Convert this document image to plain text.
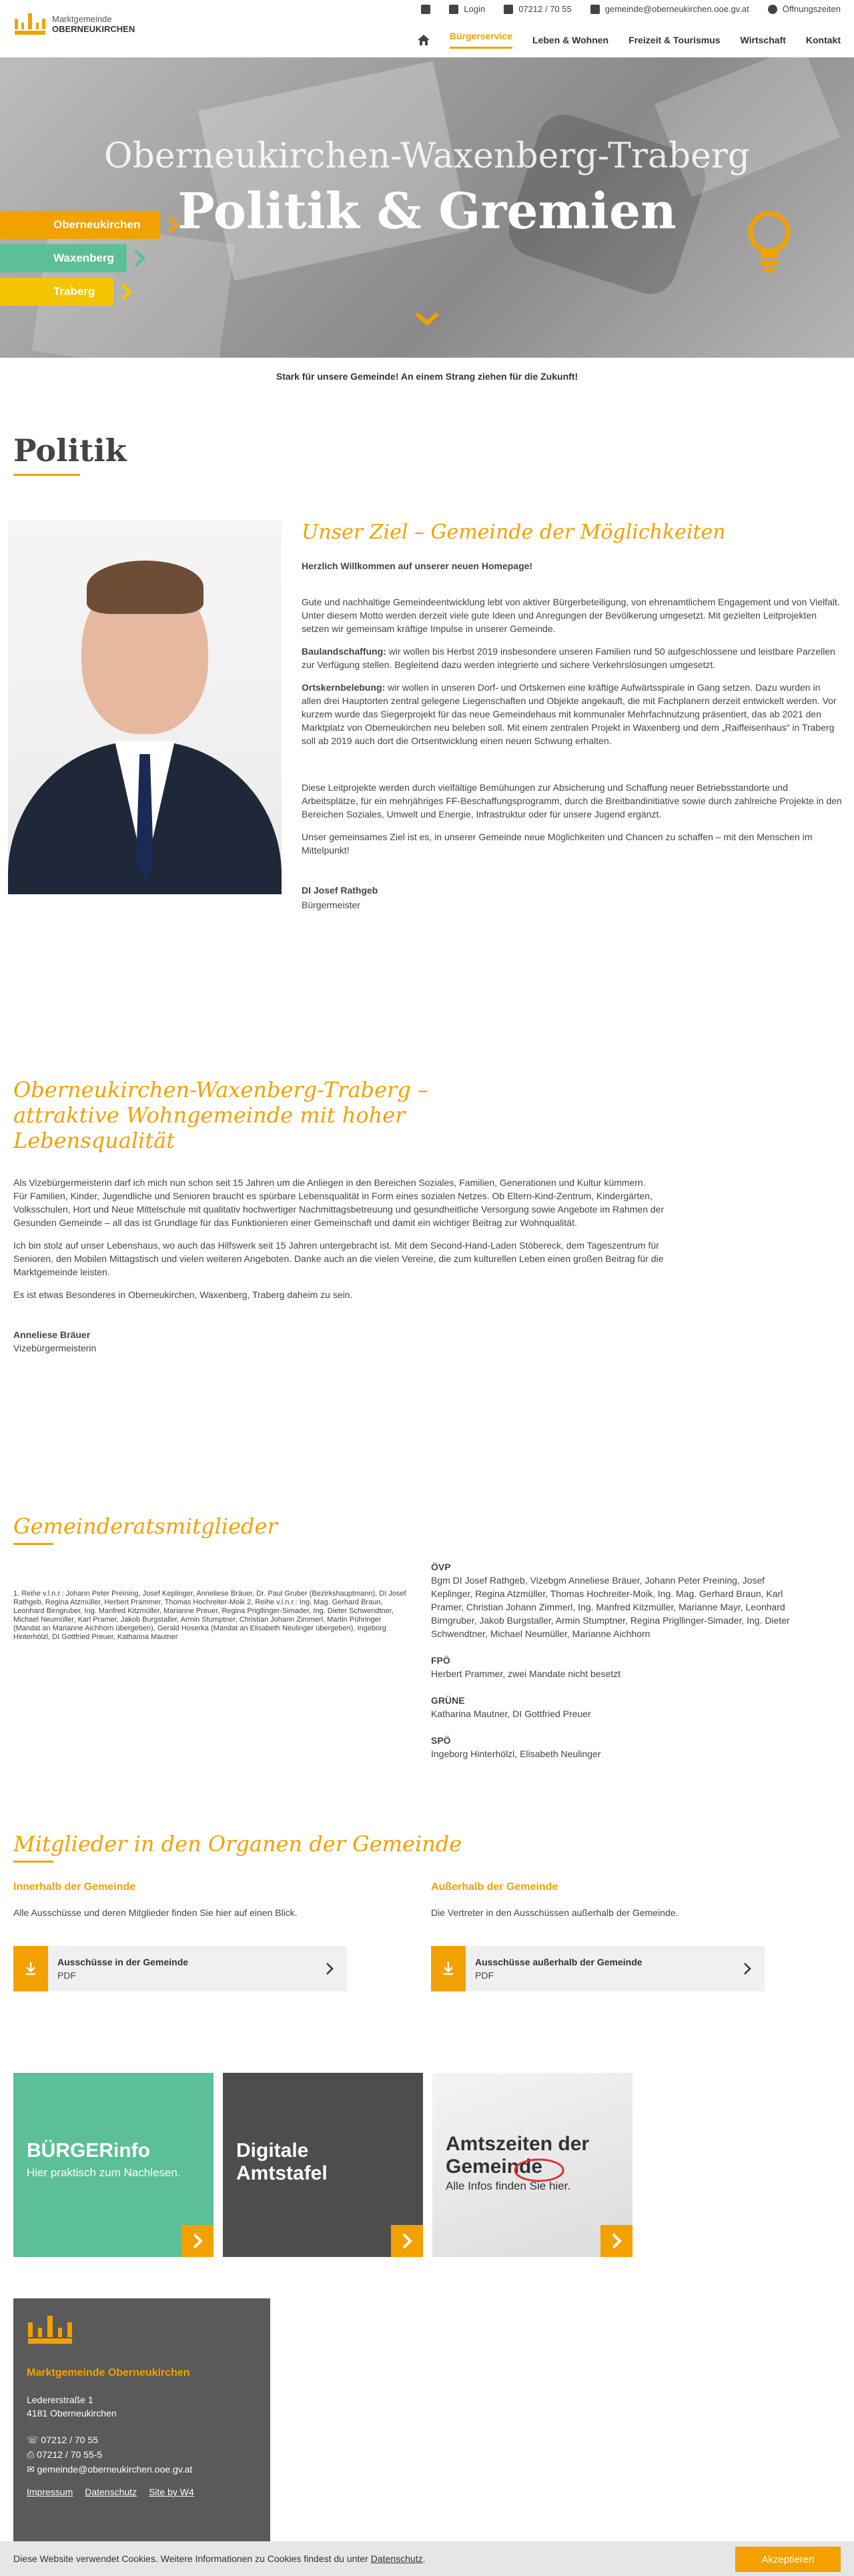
Marktgemeinde
OBERNEUKIRCHEN
Login	07212 / 70 55	gemeinde@oberneukirchen.ooe.gv.at	Öffnungszeiten
Bürgerservice Leben & Wohnen Freizeit & Tourismus Wirtschaft Kontakt
Oberneukirchen-Waxenberg-Traberg
Politik & Gremien
Oberneukirchen
Waxenberg
Traberg
Stark für unsere Gemeinde! An einem Strang ziehen für die Zukunft!
Politik
Unser Ziel – Gemeinde der Möglichkeiten

Herzlich Willkommen auf unserer neuen Homepage!

Gute und nachhaltige Gemeindeentwicklung lebt von aktiver Bürgerbeteiligung, von ehrenamtlichem Engagement und von Vielfalt. Unter diesem Motto werden derzeit viele gute Ideen und Anregungen der Bevölkerung umgesetzt. Mit gezielten Leitprojekten setzen wir gemeinsam kräftige Impulse in unserer Gemeinde.

Baulandschaffung: wir wollen bis Herbst 2019 insbesondere unseren Familien rund 50 aufgeschlossene und leistbare Parzellen zur Verfügung stellen. Begleitend dazu werden integrierte und sichere Verkehrslösungen umgesetzt.

Ortskernbelebung: wir wollen in unseren Dorf- und Ortskernen eine kräftige Aufwärtsspirale in Gang setzen. Dazu wurden in allen drei Hauptorten zentral gelegene Liegenschaften und Objekte angekauft, die mit Fachplanern derzeit entwickelt werden. Vor kurzem wurde das Siegerprojekt für das neue Gemeindehaus mit kommunaler Mehrfachnutzung präsentiert, das ab 2021 den Marktplatz von Oberneukirchen neu beleben soll. Mit einem zentralen Projekt in Waxenberg und dem „Raiffeisenhaus“ in Traberg soll ab 2019 auch dort die Ortsentwicklung einen neuen Schwung erhalten.

Diese Leitprojekte werden durch vielfältige Bemühungen zur Absicherung und Schaffung neuer Betriebsstandorte und Arbeitsplätze, für ein mehrjähriges FF-Beschaffungsprogramm, durch die Breitbandinitiative sowie durch zahlreiche Projekte in den Bereichen Soziales, Umwelt und Energie, Infrastruktur oder für unsere Jugend ergänzt.

Unser gemeinsames Ziel ist es, in unserer Gemeinde neue Möglichkeiten und Chancen zu schaffen – mit den Menschen im Mittelpunkt!

DI Josef Rathgeb

Bürgermeister

Oberneukirchen-Waxenberg-Traberg – attraktive Wohngemeinde mit hoher Lebensqualität

Als Vizebürgermeisterin darf ich mich nun schon seit 15 Jahren um die Anliegen in den Bereichen Soziales, Familien, Generationen und Kultur kümmern.

Für Familien, Kinder, Jugendliche und Senioren braucht es spürbare Lebensqualität in Form eines sozialen Netzes. Ob Eltern-Kind-Zentrum, Kindergärten, Volksschulen, Hort und Neue Mittelschule mit qualitativ hochwertiger Nachmittagsbetreuung und gesundheitliche Versorgung sowie Angebote im Rahmen der Gesunden Gemeinde – all das ist Grundlage für das Funktionieren einer Gemeinschaft und damit ein wichtiger Beitrag zur Wohnqualität.

Ich bin stolz auf unser Lebenshaus, wo auch das Hilfswerk seit 15 Jahren untergebracht ist. Mit dem Second-Hand-Laden Stöbereck, dem Tageszentrum für Senioren, den Mobilen Mittagstisch und vielen weiteren Angeboten. Danke auch an die vielen Vereine, die zum kulturellen Leben einen großen Beitrag für die Marktgemeinde leisten.

Es ist etwas Besonderes in Oberneukirchen, Waxenberg, Traberg daheim zu sein.

Anneliese Bräuer

Vizebürgermeisterin

Gemeinderatsmitglieder
1. Reihe v.l.n.r.: Johann Peter Preining, Josef Keplinger, Anneliese Bräuer, Dr. Paul Gruber (Bezirkshauptmann), DI Josef Rathgeb, Regina Atzmüller, Herbert Prammer, Thomas Hochreiter-Moik 2. Reihe v.l.n.r.: Ing. Mag. Gerhard Braun, Leonhard Birngruber, Ing. Manfred Kitzmüller, Marianne Preuer, Regina Prigllinger-Simader, Ing. Dieter Schwendtner, Michael Neumüller, Karl Pramer, Jakob Burgstaller, Armin Stumptner, Christian Johann Zimmerl, Martin Pühringer (Mandat an Marianne Aichhorn übergeben), Gerald Hoserka (Mandat an Elisabeth Neulinger übergeben), Ingeborg Hinterhölzl, DI Gottfried Preuer, Katharina Mautner

ÖVP

Bgm DI Josef Rathgeb, Vizebgm Anneliese Bräuer, Johann Peter Preining, Josef Keplinger, Regina Atzmüller, Thomas Hochreiter-Moik, Ing. Mag. Gerhard Braun, Karl Pramer, Christian Johann Zimmerl, Ing. Manfred Kitzmüller, Marianne Mayr, Leonhard Birngruber, Jakob Burgstaller, Armin Stumptner, Regina Prigllinger-Simader, Ing. Dieter Schwendtner, Michael Neumüller, Marianne Aichhorn

FPÖ

Herbert Prammer, zwei Mandate nicht besetzt

GRÜNE

Katharina Mautner, DI Gottfried Preuer

SPÖ

Ingeborg Hinterhölzl, Elisabeth Neulinger

Mitglieder in den Organen der Gemeinde

Innerhalb der Gemeinde

Alle Ausschüsse und deren Mitglieder finden Sie hier auf einen Blick.

Ausschüsse in der Gemeinde
PDF

Außerhalb der Gemeinde

Die Vertreter in den Ausschüssen außerhalb der Gemeinde.

Ausschüsse außerhalb der Gemeinde
PDF
BÜRGERinfo
Hier praktisch zum Nachlesen.
Digitale Amtstafel
Amtszeiten der Gemeinde
Alle Infos finden Sie hier.
Marktgemeinde Oberneukirchen
Ledererstraße 1
4181 Oberneukirchen
☏ 07212 / 70 55
⎙ 07212 / 70 55-5
✉ gemeinde@oberneukirchen.ooe.gv.at
Impressum Datenschutz Site by W4
Diese Website verwendet Cookies. Weitere Informationen zu Cookies findest du unter Datenschutz .	Akzeptieren
